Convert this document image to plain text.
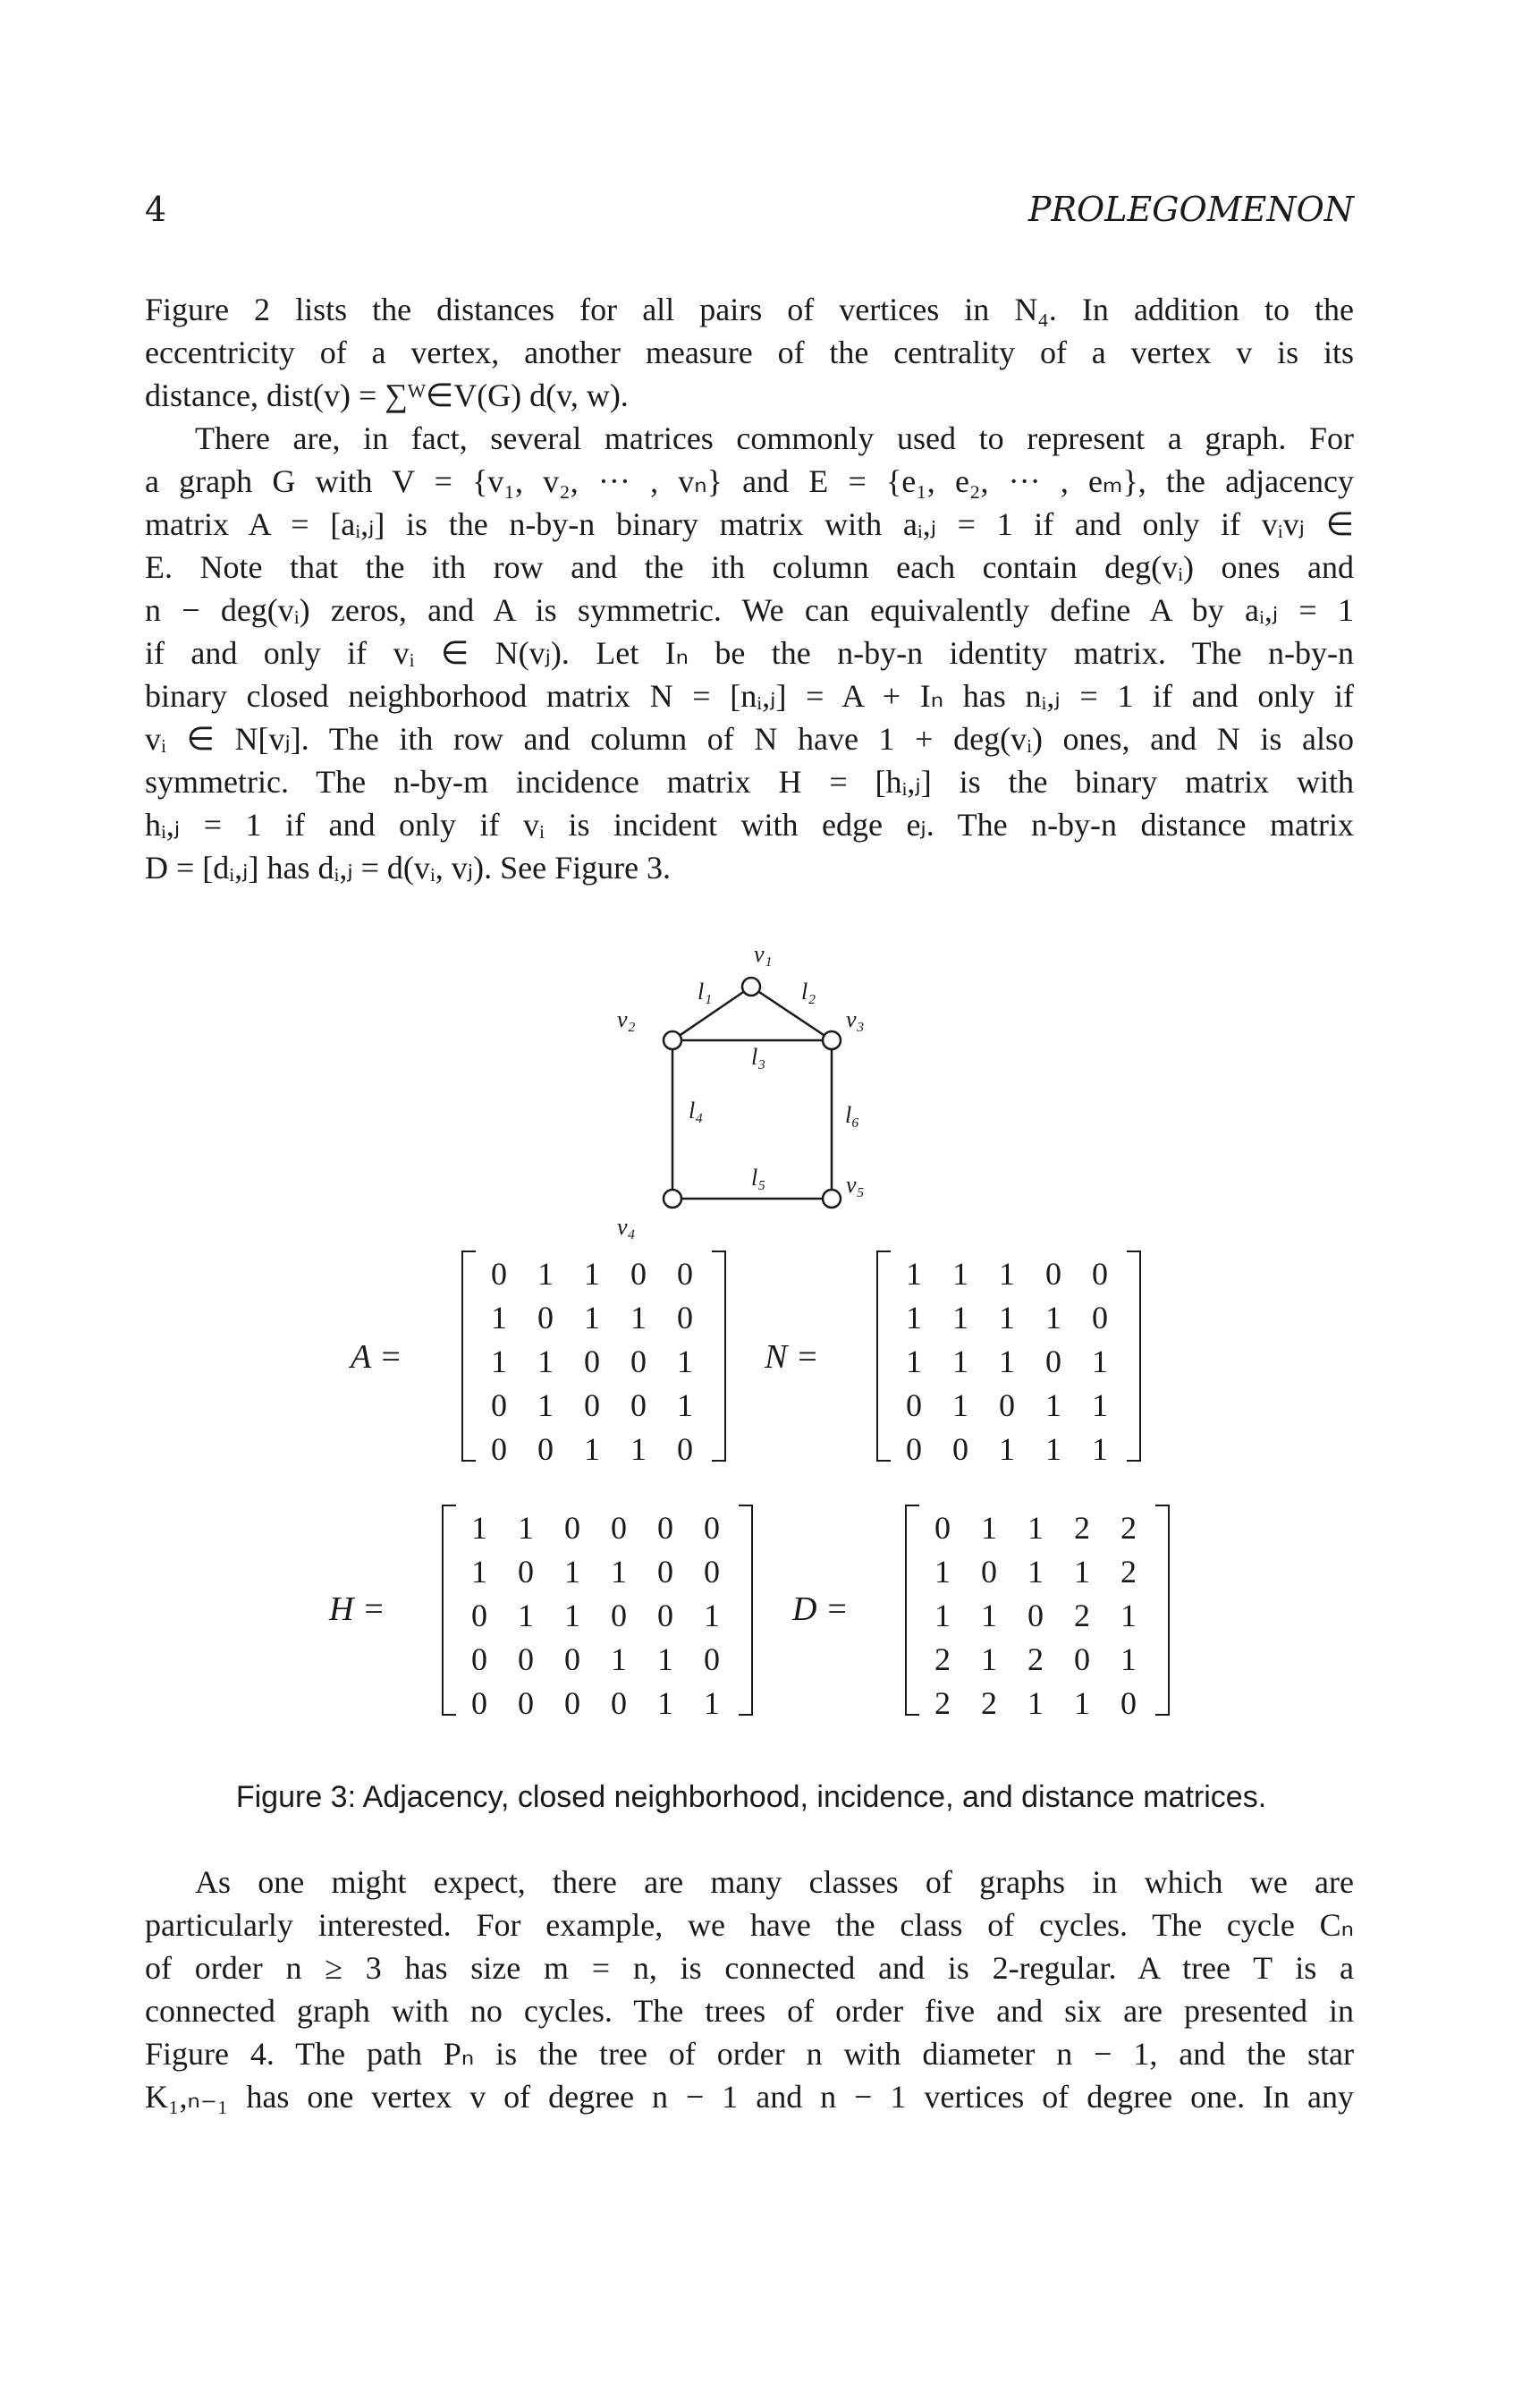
4	PROLEGOMENON
Figure 2 lists the distances for all pairs of vertices in N₄. In addition to the
eccentricity of a vertex, another measure of the centrality of a vertex v is its
distance, dist(v) = ∑ᵂ∈V(G) d(v, w).
There are, in fact, several matrices commonly used to represent a graph. For
a graph G with V = {v₁, v₂, ··· , vₙ} and E = {e₁, e₂, ··· , eₘ}, the adjacency
matrix A = [aᵢ,ⱼ] is the n-by-n binary matrix with aᵢ,ⱼ = 1 if and only if vᵢvⱼ ∈
E. Note that the ith row and the ith column each contain deg(vᵢ) ones and
n − deg(vᵢ) zeros, and A is symmetric. We can equivalently define A by aᵢ,ⱼ = 1
if and only if vᵢ ∈ N(vⱼ). Let Iₙ be the n-by-n identity matrix. The n-by-n
binary closed neighborhood matrix N = [nᵢ,ⱼ] = A + Iₙ has nᵢ,ⱼ = 1 if and only if
vᵢ ∈ N[vⱼ]. The ith row and column of N have 1 + deg(vᵢ) ones, and N is also
symmetric. The n-by-m incidence matrix H = [hᵢ,ⱼ] is the binary matrix with
hᵢ,ⱼ = 1 if and only if vᵢ is incident with edge eⱼ. The n-by-n distance matrix
D = [dᵢ,ⱼ] has dᵢ,ⱼ = d(vᵢ, vⱼ). See Figure 3.
v₁
v₂	v₃
v₄
v₅
l₁	l₂
l₃
l₄
l₅
l₆
A =
0 1 1 0 0
1 0 1 1 0
1 1 0 0 1
0 1 0 0 1
0 0 1 1 0
N =
1 1 1 0 0
1 1 1 1 0
1 1 1 0 1
0 1 0 1 1
0 0 1 1 1
H =
1 1 0 0 0 0
1 0 1 1 0 0
0 1 1 0 0 1
0 0 0 1 1 0
0 0 0 0 1 1
D =
0 1 1 2 2
1 0 1 1 2
1 1 0 2 1
2 1 2 0 1
2 2 1 1 0
Figure 3: Adjacency, closed neighborhood, incidence, and distance matrices.
As one might expect, there are many classes of graphs in which we are
particularly interested. For example, we have the class of cycles. The cycle Cₙ
of order n ≥ 3 has size m = n, is connected and is 2-regular. A tree T is a
connected graph with no cycles. The trees of order five and six are presented in
Figure 4. The path Pₙ is the tree of order n with diameter n − 1, and the star
K₁,ₙ₋₁ has one vertex v of degree n − 1 and n − 1 vertices of degree one. In any
